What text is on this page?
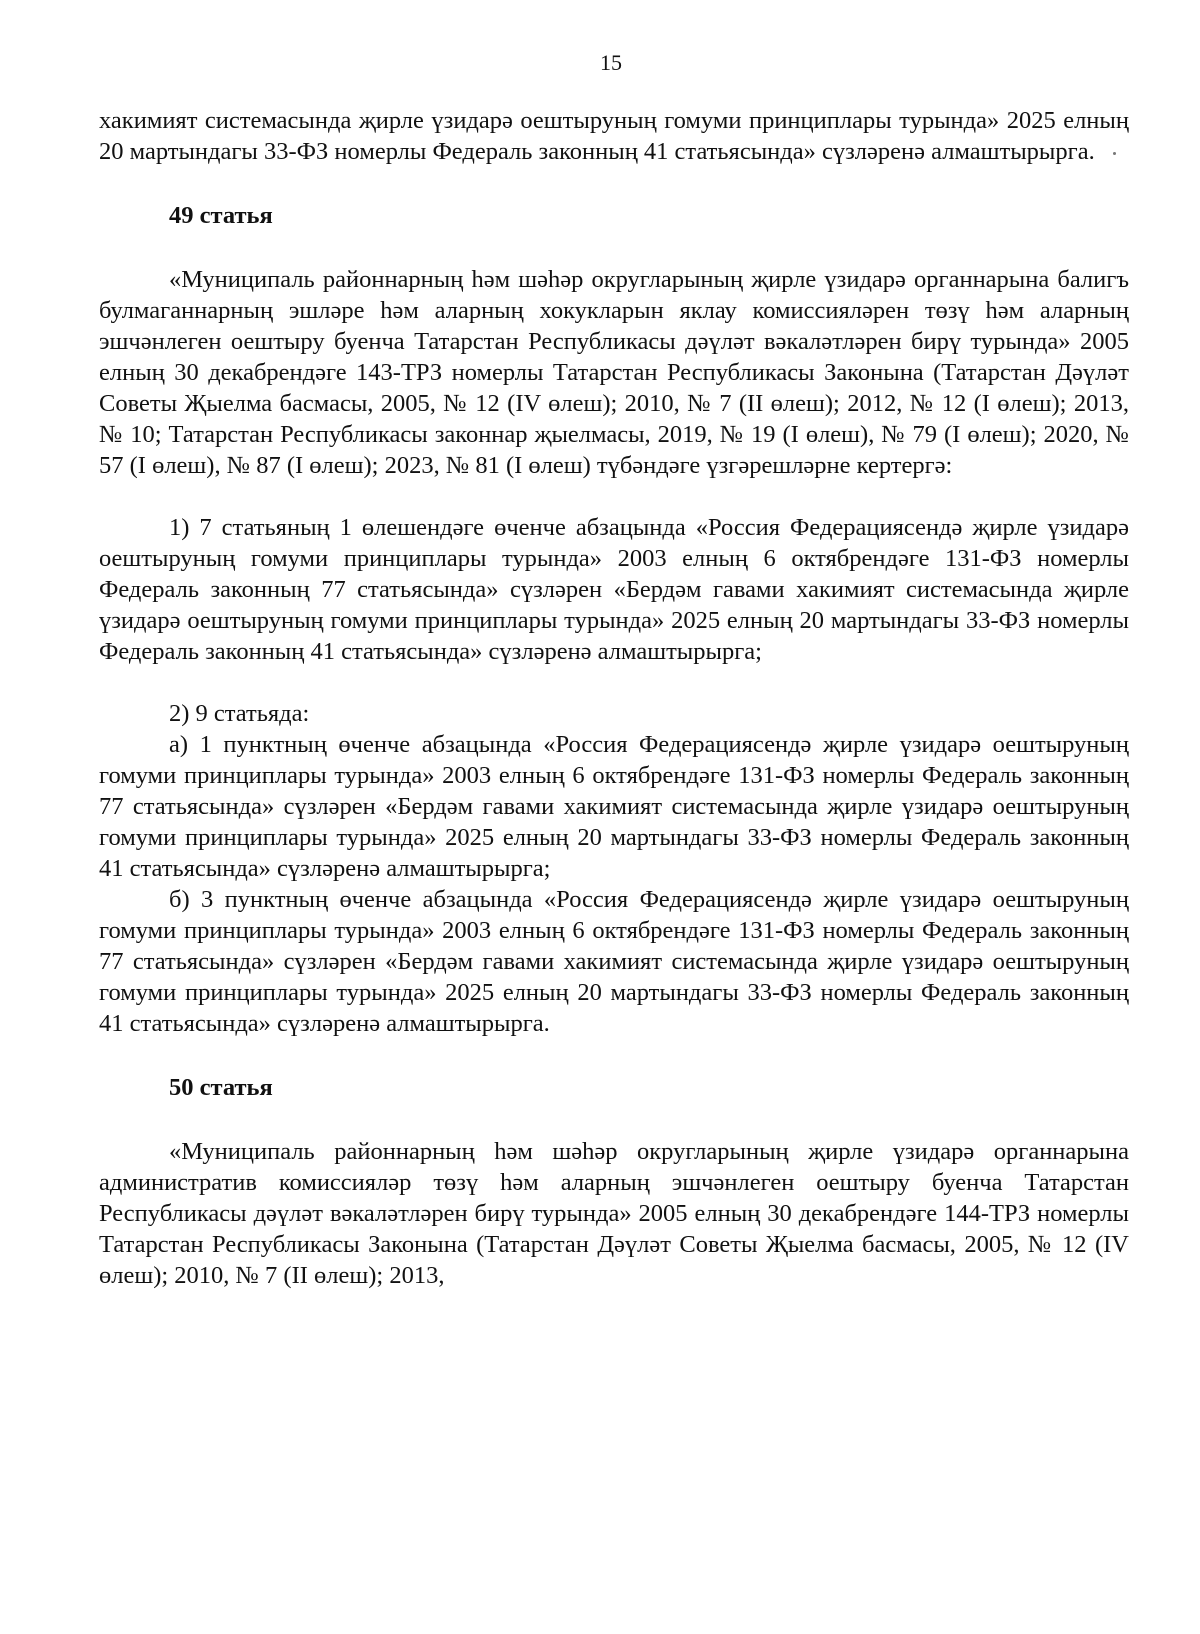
15

хакимият системасында җирле үзидарә оештыруның гомуми принциплары турында» 2025 елның 20 мартындагы 33-ФЗ номерлы Федераль законның 41 статьясында» сүзләренә алмаштырырга.

49 статья

«Муниципаль районнарның һәм шәһәр округларының җирле үзидарә органнарына балигъ булмаганнарның эшләре һәм аларның хокукларын яклау комиссияләрен төзү һәм аларның эшчәнлеген оештыру буенча Татарстан Республикасы дәүләт вәкаләтләрен бирү турында» 2005 елның 30 декабрендәге 143-ТРЗ номерлы Татарстан Республикасы Законына (Татарстан Дәүләт Советы Җыелма басмасы, 2005, № 12 (IV өлеш); 2010, № 7 (II өлеш); 2012, № 12 (I өлеш); 2013, № 10; Татарстан Республикасы законнар җыелмасы, 2019, № 19 (I өлеш), № 79 (I өлеш); 2020, № 57 (I өлеш), № 87 (I өлеш); 2023, № 81 (I өлеш) түбәндәге үзгәрешләрне кертергә:

1) 7 статьяның 1 өлешендәге өченче абзацында «Россия Федерациясендә җирле үзидарә оештыруның гомуми принциплары турында» 2003 елның 6 октябрендәге 131-ФЗ номерлы Федераль законның 77 статьясында» сүзләрен «Бердәм гавами хакимият системасында җирле үзидарә оештыруның гомуми принциплары турында» 2025 елның 20 мартындагы 33-ФЗ номерлы Федераль законның 41 статьясында» сүзләренә алмаштырырга;

2) 9 статьяда:

а) 1 пунктның өченче абзацында «Россия Федерациясендә җирле үзидарә оештыруның гомуми принциплары турында» 2003 елның 6 октябрендәге 131-ФЗ номерлы Федераль законның 77 статьясында» сүзләрен «Бердәм гавами хакимият системасында җирле үзидарә оештыруның гомуми принциплары турында» 2025 елның 20 мартындагы 33-ФЗ номерлы Федераль законның 41 статьясында» сүзләренә алмаштырырга;

б) 3 пунктның өченче абзацында «Россия Федерациясендә җирле үзидарә оештыруның гомуми принциплары турында» 2003 елның 6 октябрендәге 131-ФЗ номерлы Федераль законның 77 статьясында» сүзләрен «Бердәм гавами хакимият системасында җирле үзидарә оештыруның гомуми принциплары турында» 2025 елның 20 мартындагы 33-ФЗ номерлы Федераль законның 41 статьясында» сүзләренә алмаштырырга.

50 статья

«Муниципаль районнарның һәм шәһәр округларының җирле үзидарә органнарына административ комиссияләр төзү һәм аларның эшчәнлеген оештыру буенча Татарстан Республикасы дәүләт вәкаләтләрен бирү турында» 2005 елның 30 декабрендәге 144-ТРЗ номерлы Татарстан Республикасы Законына (Татарстан Дәүләт Советы Җыелма басмасы, 2005, № 12 (IV өлеш); 2010, № 7 (II өлеш); 2013,
